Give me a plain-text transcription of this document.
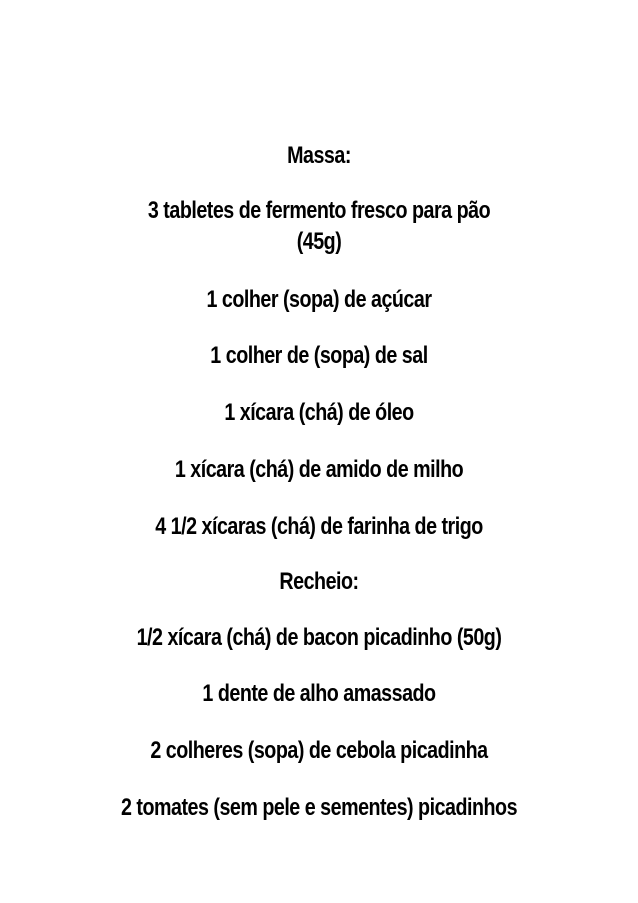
Massa:
3 tabletes de fermento fresco para pão
(45g)
1 colher (sopa) de açúcar
1 colher de (sopa) de sal
1 xícara (chá) de óleo
1 xícara (chá) de amido de milho
4 1/2 xícaras (chá) de farinha de trigo
Recheio:
1/2 xícara (chá) de bacon picadinho (50g)
1 dente de alho amassado
2 colheres (sopa) de cebola picadinha
2 tomates (sem pele e sementes) picadinhos
